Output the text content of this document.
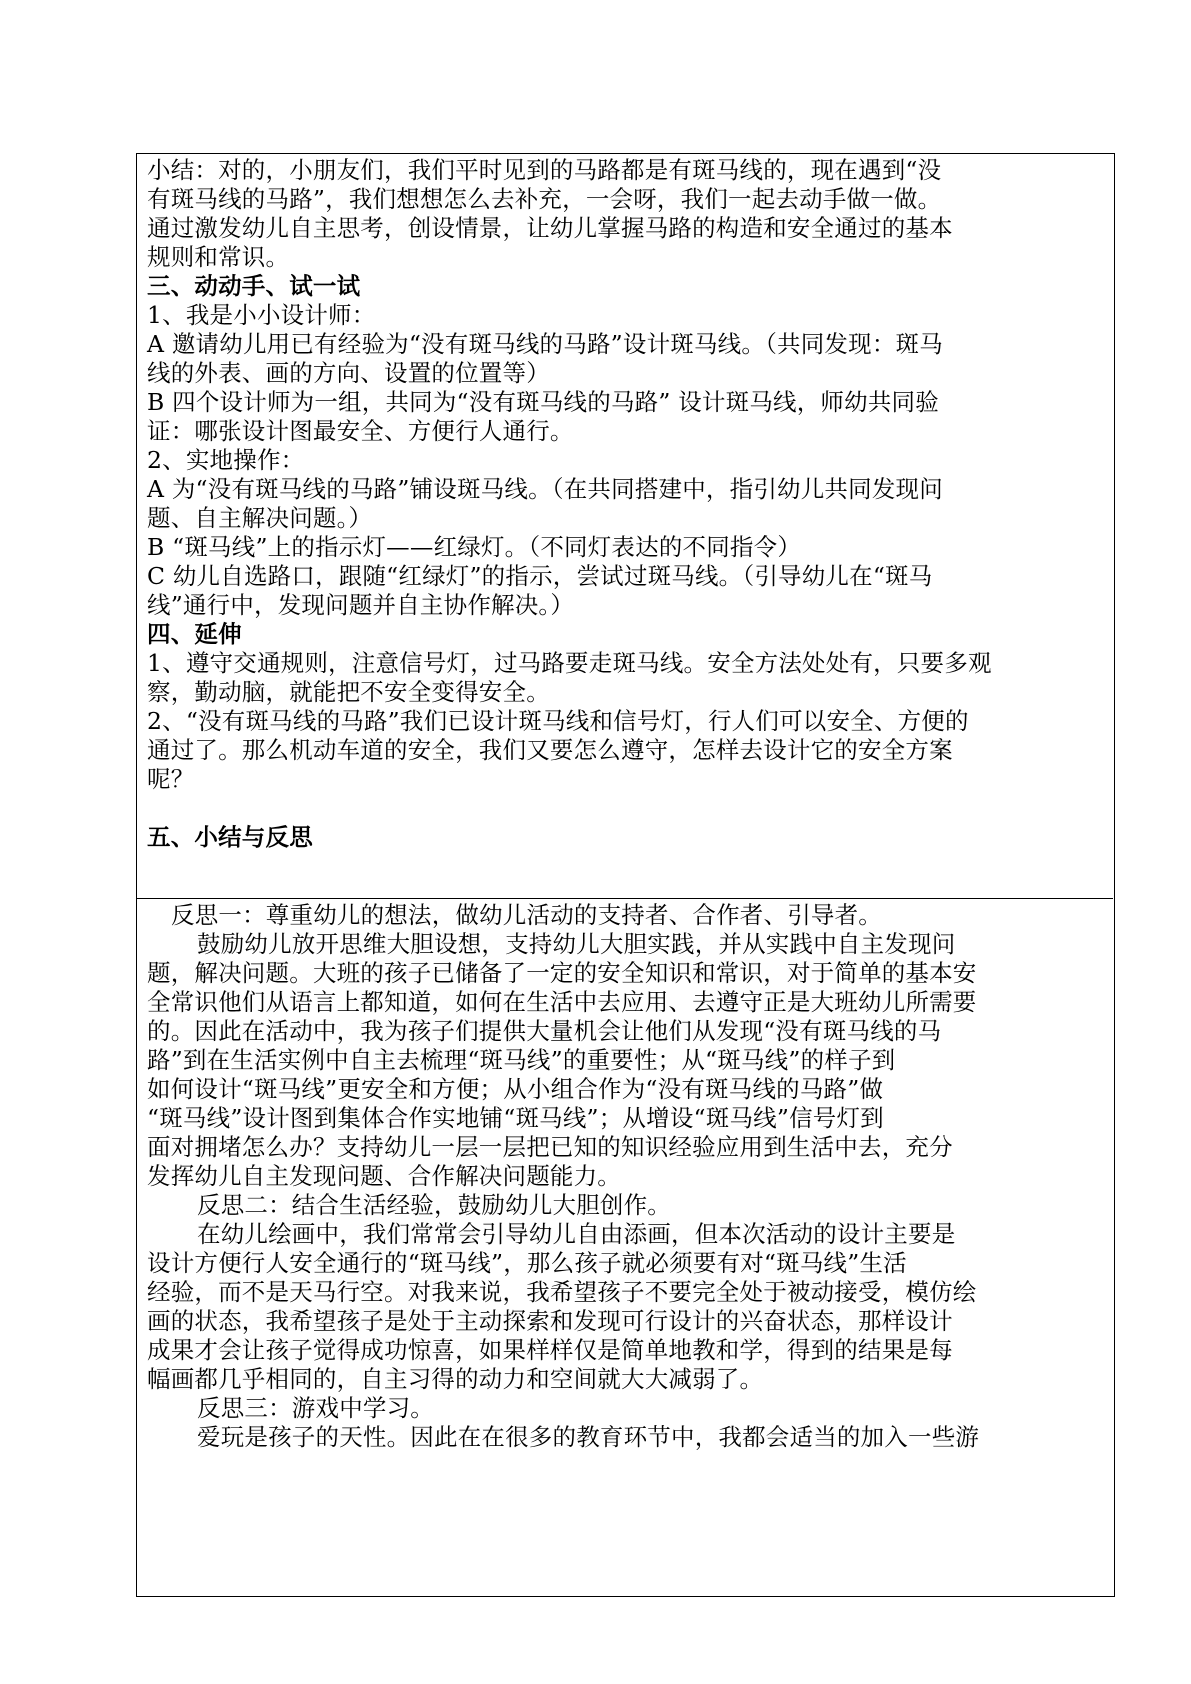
小结：对的，小朋友们，我们平时见到的马路都是有斑马线的，现在遇到“没
有斑马线的马路”，我们想想怎么去补充，一会呀，我们一起去动手做一做。
通过激发幼儿自主思考，创设情景，让幼儿掌握马路的构造和安全通过的基本
规则和常识。
三、动动手、试一试
1、我是小小设计师：
A 邀请幼儿用已有经验为“没有斑马线的马路”设计斑马线。（共同发现：斑马
线的外表、画的方向、设置的位置等）
B 四个设计师为一组，共同为“没有斑马线的马路” 设计斑马线，师幼共同验
证：哪张设计图最安全、方便行人通行。
2、实地操作：
A 为“没有斑马线的马路”铺设斑马线。（在共同搭建中，指引幼儿共同发现问
题、自主解决问题。）
B “斑马线”上的指示灯——红绿灯。（不同灯表达的不同指令）
C 幼儿自选路口，跟随“红绿灯”的指示，尝试过斑马线。（引导幼儿在“斑马
线”通行中，发现问题并自主协作解决。）
四、延伸
1、遵守交通规则，注意信号灯，过马路要走斑马线。安全方法处处有，只要多观
察，勤动脑，就能把不安全变得安全。
2、“没有斑马线的马路”我们已设计斑马线和信号灯，行人们可以安全、方便的
通过了。那么机动车道的安全，我们又要怎么遵守，怎样去设计它的安全方案
呢？
五、小结与反思
反思一：尊重幼儿的想法，做幼儿活动的支持者、合作者、引导者。
鼓励幼儿放开思维大胆设想，支持幼儿大胆实践，并从实践中自主发现问
题，解决问题。大班的孩子已储备了一定的安全知识和常识，对于简单的基本安
全常识他们从语言上都知道，如何在生活中去应用、去遵守正是大班幼儿所需要
的。因此在活动中，我为孩子们提供大量机会让他们从发现“没有斑马线的马
路”到在生活实例中自主去梳理“斑马线”的重要性；从“斑马线”的样子到
如何设计“斑马线”更安全和方便；从小组合作为“没有斑马线的马路”做
“斑马线”设计图到集体合作实地铺“斑马线”；从增设“斑马线”信号灯到
面对拥堵怎么办？支持幼儿一层一层把已知的知识经验应用到生活中去，充分
发挥幼儿自主发现问题、合作解决问题能力。
反思二：结合生活经验，鼓励幼儿大胆创作。
在幼儿绘画中，我们常常会引导幼儿自由添画，但本次活动的设计主要是
设计方便行人安全通行的“斑马线”，那么孩子就必须要有对“斑马线”生活
经验，而不是天马行空。对我来说，我希望孩子不要完全处于被动接受，模仿绘
画的状态，我希望孩子是处于主动探索和发现可行设计的兴奋状态，那样设计
成果才会让孩子觉得成功惊喜，如果样样仅是简单地教和学，得到的结果是每
幅画都几乎相同的，自主习得的动力和空间就大大减弱了。
反思三：游戏中学习。
爱玩是孩子的天性。因此在在很多的教育环节中，我都会适当的加入一些游
